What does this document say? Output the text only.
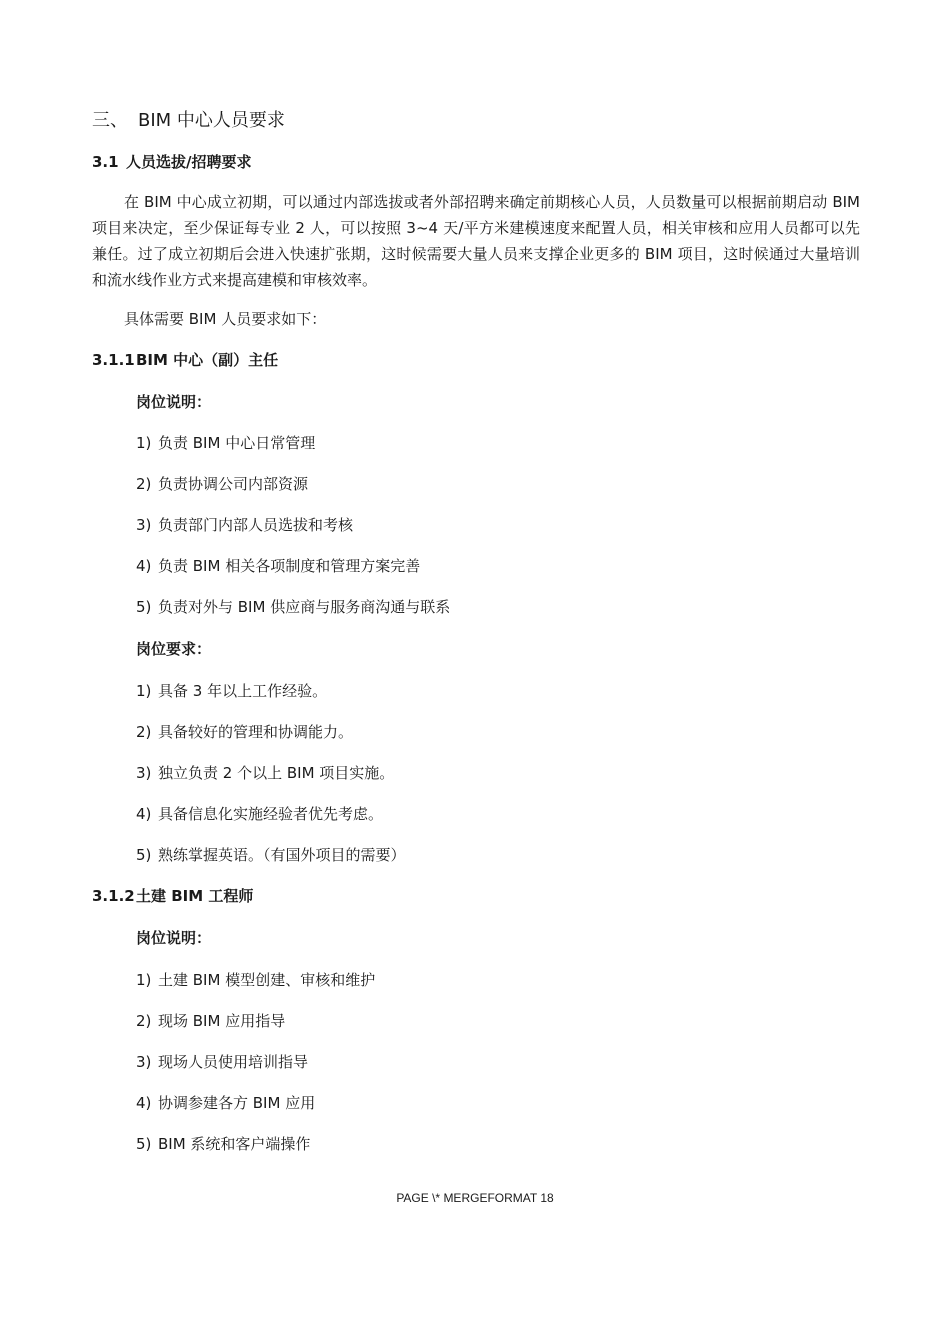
三、 BIM 中心人员要求
3.1 人员选拔/招聘要求

在 BIM 中心成立初期，可以通过内部选拔或者外部招聘来确定前期核心人员，人员数量可以根据前期启动 BIM 项目来决定，至少保证每专业 2 人，可以按照 3~4 天/平方米建模速度来配置人员，相关审核和应用人员都可以先兼任。过了成立初期后会进入快速扩张期，这时候需要大量人员来支撑企业更多的 BIM 项目，这时候通过大量培训和流水线作业方式来提高建模和审核效率。

具体需要 BIM 人员要求如下：

3.1.1BIM 中心（副）主任
岗位说明：
1) 负责 BIM 中心日常管理
2) 负责协调公司内部资源
3) 负责部门内部人员选拔和考核
4) 负责 BIM 相关各项制度和管理方案完善
5) 负责对外与 BIM 供应商与服务商沟通与联系
岗位要求：
1) 具备 3 年以上工作经验。
2) 具备较好的管理和协调能力。
3) 独立负责 2 个以上 BIM 项目实施。
4) 具备信息化实施经验者优先考虑。
5) 熟练掌握英语。（有国外项目的需要）
3.1.2土建 BIM 工程师
岗位说明：
1) 土建 BIM 模型创建、审核和维护
2) 现场 BIM 应用指导
3) 现场人员使用培训指导
4) 协调参建各方 BIM 应用
5) BIM 系统和客户端操作
PAGE \* MERGEFORMAT 18
